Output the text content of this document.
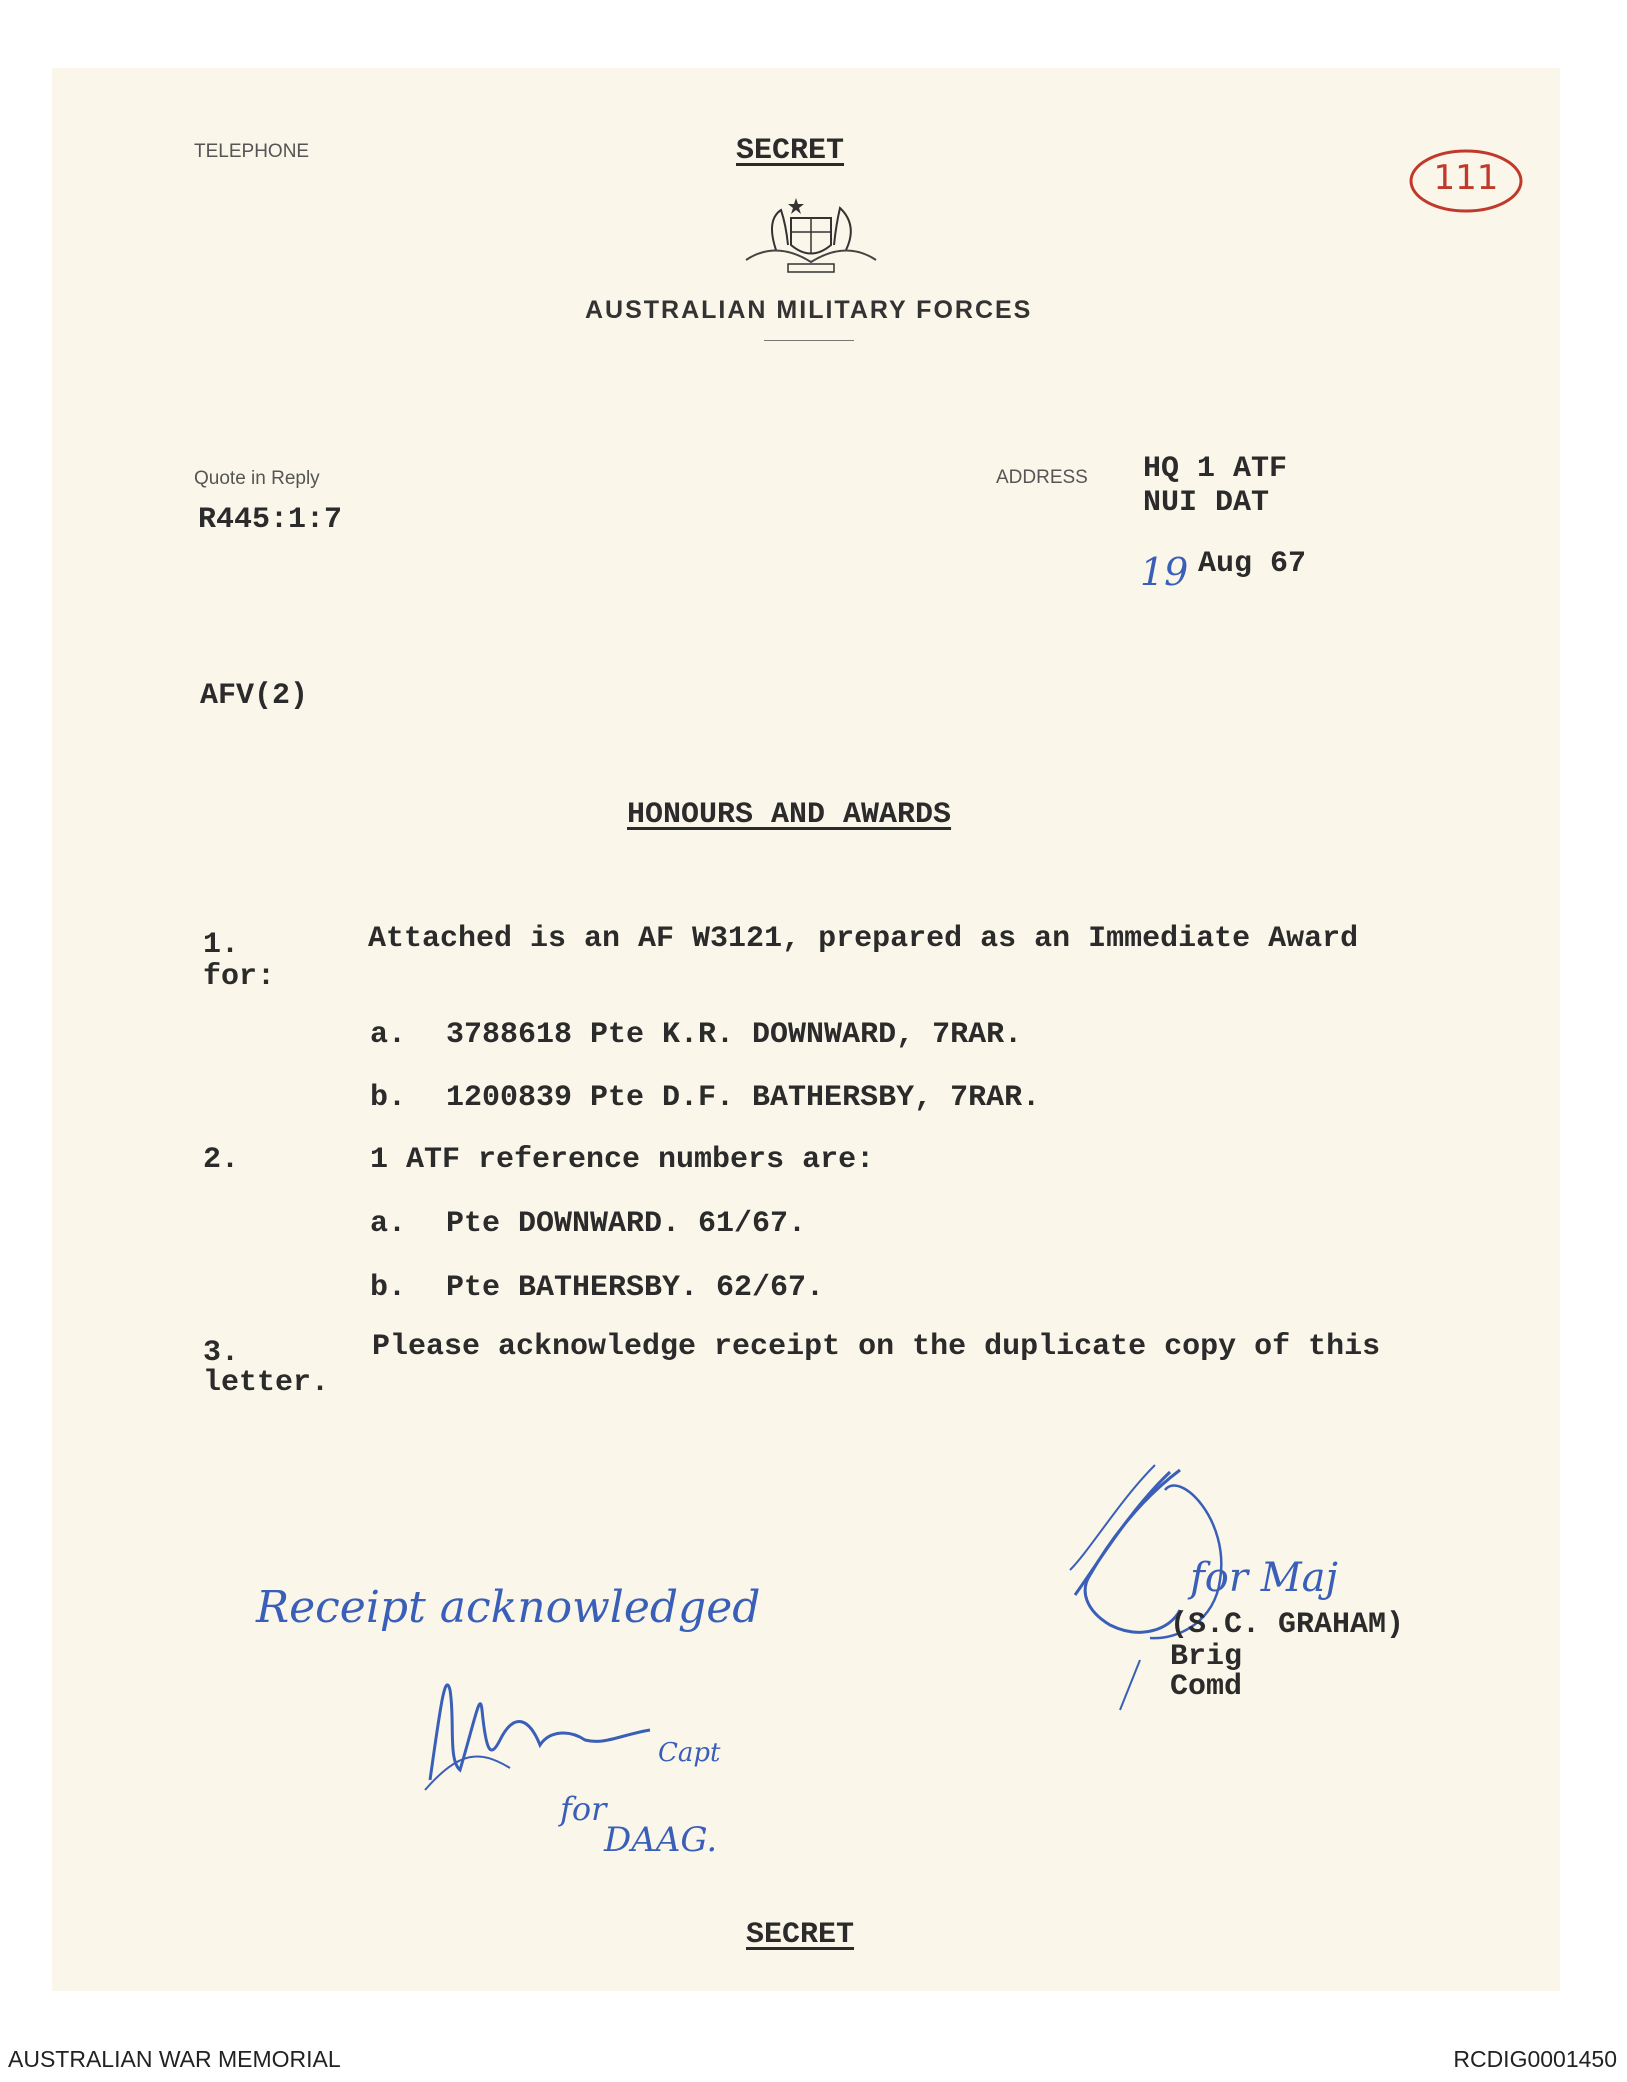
TELEPHONE	SECRET
AUSTRALIAN MILITARY FORCES
111
Quote in Reply
R445:1:7
ADDRESS HQ 1 ATF
NUI DAT
19 Aug 67
AFV(2)
HONOURS AND AWARDS
1.	Attached is an AF W3121, prepared as an Immediate Award
for:
a. 3788618 Pte K.R. DOWNWARD, 7RAR.
b. 1200839 Pte D.F. BATHERSBY, 7RAR.
2.	1 ATF reference numbers are:
a. Pte DOWNWARD. 61/67.
b. Pte BATHERSBY. 62/67.
3.	Please acknowledge receipt on the duplicate copy of this
letter.
Receipt acknowledged
Capt
for
DAAG.
for Maj
(S.C. GRAHAM)
Brig
Comd
SECRET
AUSTRALIAN WAR MEMORIAL	RCDIG0001450
